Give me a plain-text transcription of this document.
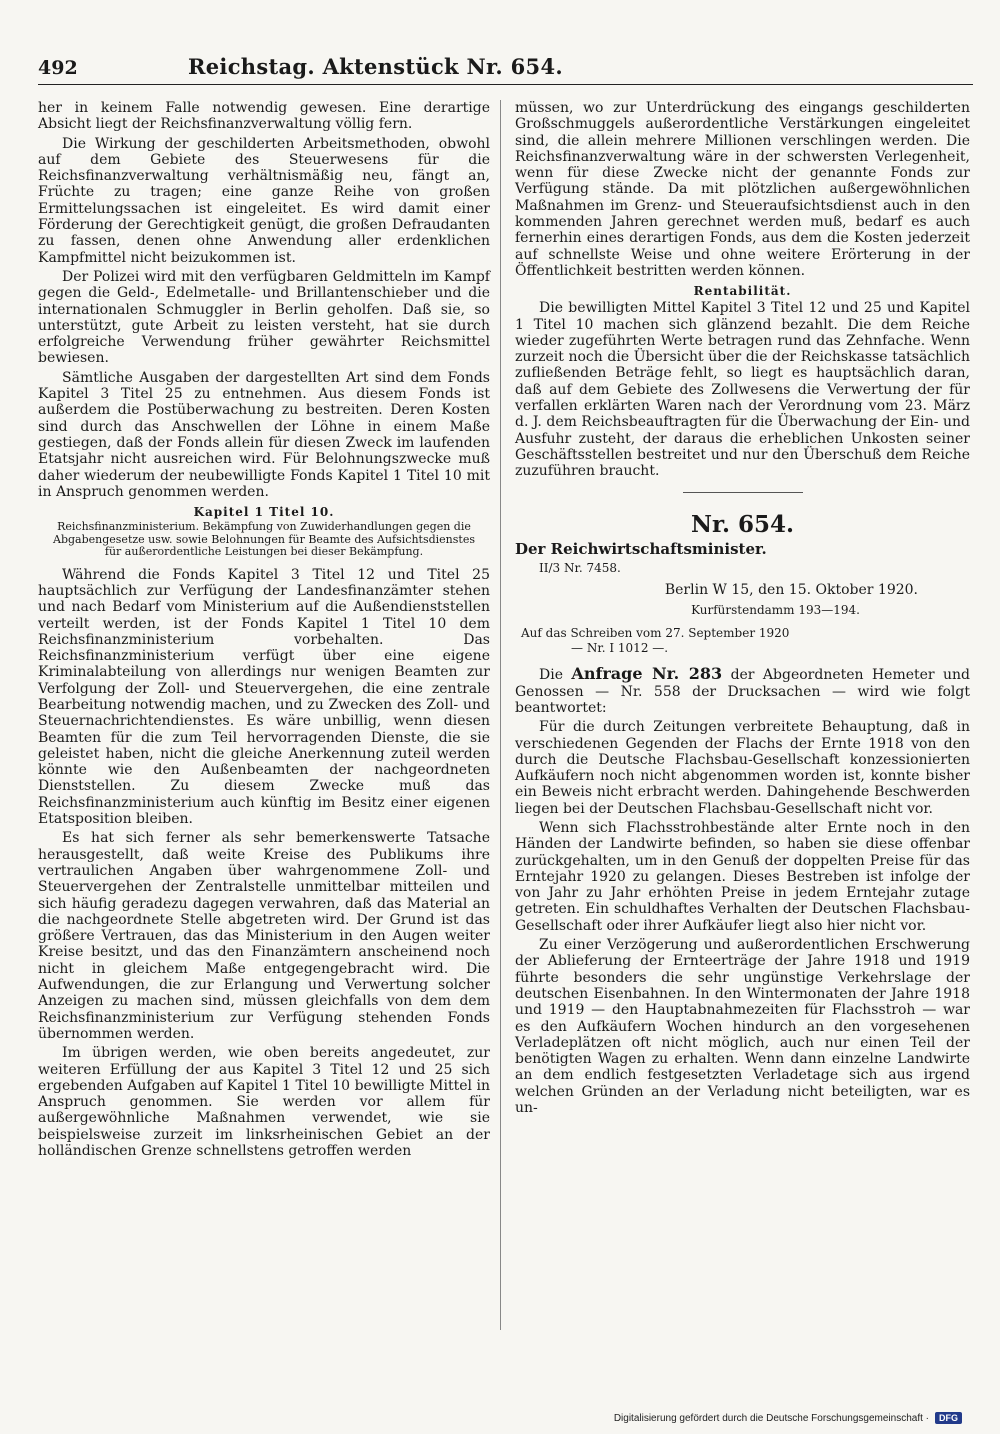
492	Reichstag. Aktenstück Nr. 654.

her in keinem Falle notwendig gewesen. Eine derartige Absicht liegt der Reichsfinanzverwaltung völlig fern.

Die Wirkung der geschilderten Arbeitsmethoden, obwohl auf dem Gebiete des Steuerwesens für die Reichsfinanzverwaltung verhältnismäßig neu, fängt an, Früchte zu tragen; eine ganze Reihe von großen Ermittelungssachen ist eingeleitet. Es wird damit einer Förderung der Gerechtigkeit genügt, die großen Defraudanten zu fassen, denen ohne Anwendung aller erdenklichen Kampfmittel nicht beizukommen ist.

Der Polizei wird mit den verfügbaren Geldmitteln im Kampf gegen die Geld-, Edelmetalle- und Brillantenschieber und die internationalen Schmuggler in Berlin geholfen. Daß sie, so unterstützt, gute Arbeit zu leisten versteht, hat sie durch erfolgreiche Verwendung früher gewährter Reichsmittel bewiesen.

Sämtliche Ausgaben der dargestellten Art sind dem Fonds Kapitel 3 Titel 25 zu entnehmen. Aus diesem Fonds ist außerdem die Postüberwachung zu bestreiten. Deren Kosten sind durch das Anschwellen der Löhne in einem Maße gestiegen, daß der Fonds allein für diesen Zweck im laufenden Etatsjahr nicht ausreichen wird. Für Belohnungszwecke muß daher wiederum der neubewilligte Fonds Kapitel 1 Titel 10 mit in Anspruch genommen werden.

Kapitel 1 Titel 10.
Reichsfinanzministerium. Bekämpfung von Zuwiderhandlungen gegen die Abgabengesetze usw. sowie Belohnungen für Beamte des Aufsichtsdienstes für außerordentliche Leistungen bei dieser Bekämpfung.

Während die Fonds Kapitel 3 Titel 12 und Titel 25 hauptsächlich zur Verfügung der Landesfinanzämter stehen und nach Bedarf vom Ministerium auf die Außendienststellen verteilt werden, ist der Fonds Kapitel 1 Titel 10 dem Reichsfinanzministerium vorbehalten. Das Reichsfinanzministerium verfügt über eine eigene Kriminalabteilung von allerdings nur wenigen Beamten zur Verfolgung der Zoll- und Steuervergehen, die eine zentrale Bearbeitung notwendig machen, und zu Zwecken des Zoll- und Steuernachrichtendienstes. Es wäre unbillig, wenn diesen Beamten für die zum Teil hervorragenden Dienste, die sie geleistet haben, nicht die gleiche Anerkennung zuteil werden könnte wie den Außenbeamten der nachgeordneten Dienststellen. Zu diesem Zwecke muß das Reichsfinanzministerium auch künftig im Besitz einer eigenen Etatsposition bleiben.

Es hat sich ferner als sehr bemerkenswerte Tatsache herausgestellt, daß weite Kreise des Publikums ihre vertraulichen Angaben über wahrgenommene Zoll- und Steuervergehen der Zentralstelle unmittelbar mitteilen und sich häufig geradezu dagegen verwahren, daß das Material an die nachgeordnete Stelle abgetreten wird. Der Grund ist das größere Vertrauen, das das Ministerium in den Augen weiter Kreise besitzt, und das den Finanzämtern anscheinend noch nicht in gleichem Maße entgegengebracht wird. Die Aufwendungen, die zur Erlangung und Verwertung solcher Anzeigen zu machen sind, müssen gleichfalls von dem dem Reichsfinanzministerium zur Verfügung stehenden Fonds übernommen werden.

Im übrigen werden, wie oben bereits angedeutet, zur weiteren Erfüllung der aus Kapitel 3 Titel 12 und 25 sich ergebenden Aufgaben auf Kapitel 1 Titel 10 bewilligte Mittel in Anspruch genommen. Sie werden vor allem für außergewöhnliche Maßnahmen verwendet, wie sie beispielsweise zurzeit im linksrheinischen Gebiet an der holländischen Grenze schnellstens getroffen werden

müssen, wo zur Unterdrückung des eingangs geschilderten Großschmuggels außerordentliche Verstärkungen eingeleitet sind, die allein mehrere Millionen verschlingen werden. Die Reichsfinanzverwaltung wäre in der schwersten Verlegenheit, wenn für diese Zwecke nicht der genannte Fonds zur Verfügung stände. Da mit plötzlichen außergewöhnlichen Maßnahmen im Grenz- und Steueraufsichtsdienst auch in den kommenden Jahren gerechnet werden muß, bedarf es auch fernerhin eines derartigen Fonds, aus dem die Kosten jederzeit auf schnellste Weise und ohne weitere Erörterung in der Öffentlichkeit bestritten werden können.

Rentabilität.

Die bewilligten Mittel Kapitel 3 Titel 12 und 25 und Kapitel 1 Titel 10 machen sich glänzend bezahlt. Die dem Reiche wieder zugeführten Werte betragen rund das Zehnfache. Wenn zurzeit noch die Übersicht über die der Reichskasse tatsächlich zufließenden Beträge fehlt, so liegt es hauptsächlich daran, daß auf dem Gebiete des Zollwesens die Verwertung der für verfallen erklärten Waren nach der Verordnung vom 23. März d. J. dem Reichsbeauftragten für die Überwachung der Ein- und Ausfuhr zusteht, der daraus die erheblichen Unkosten seiner Geschäftsstellen bestreitet und nur den Überschuß dem Reiche zuzuführen braucht.

Nr. 654.

Der Reichwirtschaftsminister.

II/3 Nr. 7458.

Berlin W 15, den 15. Oktober 1920.

Kurfürstendamm 193—194.
Auf das Schreiben vom 27. September 1920
— Nr. I 1012 —.

Die Anfrage Nr. 283 der Abgeordneten Hemeter und Genossen — Nr. 558 der Drucksachen — wird wie folgt beantwortet:

Für die durch Zeitungen verbreitete Behauptung, daß in verschiedenen Gegenden der Flachs der Ernte 1918 von den durch die Deutsche Flachsbau-Gesellschaft konzessionierten Aufkäufern noch nicht abgenommen worden ist, konnte bisher ein Beweis nicht erbracht werden. Dahingehende Beschwerden liegen bei der Deutschen Flachsbau-Gesellschaft nicht vor.

Wenn sich Flachsstrohbestände alter Ernte noch in den Händen der Landwirte befinden, so haben sie diese offenbar zurückgehalten, um in den Genuß der doppelten Preise für das Erntejahr 1920 zu gelangen. Dieses Bestreben ist infolge der von Jahr zu Jahr erhöhten Preise in jedem Erntejahr zutage getreten. Ein schuldhaftes Verhalten der Deutschen Flachsbau-Gesellschaft oder ihrer Aufkäufer liegt also hier nicht vor.

Zu einer Verzögerung und außerordentlichen Erschwerung der Ablieferung der Ernteerträge der Jahre 1918 und 1919 führte besonders die sehr ungünstige Verkehrslage der deutschen Eisenbahnen. In den Wintermonaten der Jahre 1918 und 1919 — den Hauptabnahmezeiten für Flachsstroh — war es den Aufkäufern Wochen hindurch an den vorgesehenen Verladeplätzen oft nicht möglich, auch nur einen Teil der benötigten Wagen zu erhalten. Wenn dann einzelne Landwirte an dem endlich festgesetzten Verladetage sich aus irgend welchen Gründen an der Verladung nicht beteiligten, war es un-

Digitalisierung gefördert durch die Deutsche Forschungsgemeinschaft ·	DFG
